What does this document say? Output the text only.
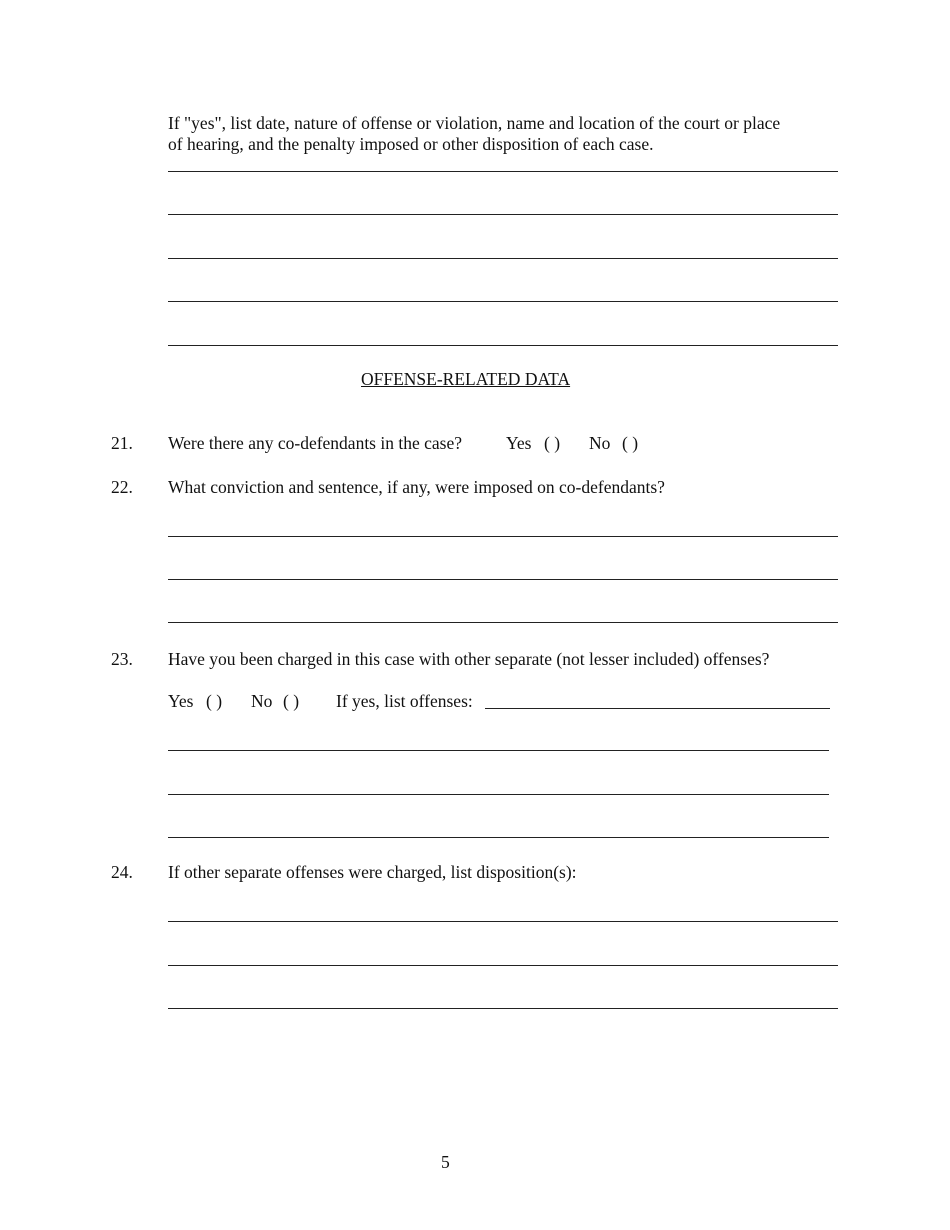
If "yes", list date, nature of offense or violation, name and location of the court or place
of hearing, and the penalty imposed or other disposition of each case.
OFFENSE-RELATED DATA
21. Were there any co-defendants in the case?	Yes ( ) No ( )
22. What conviction and sentence, if any, were imposed on co-defendants?
23. Have you been charged in this case with other separate (not lesser included) offenses?
Yes ( ) No ( ) If yes, list offenses:
24. If other separate offenses were charged, list disposition(s):
5
